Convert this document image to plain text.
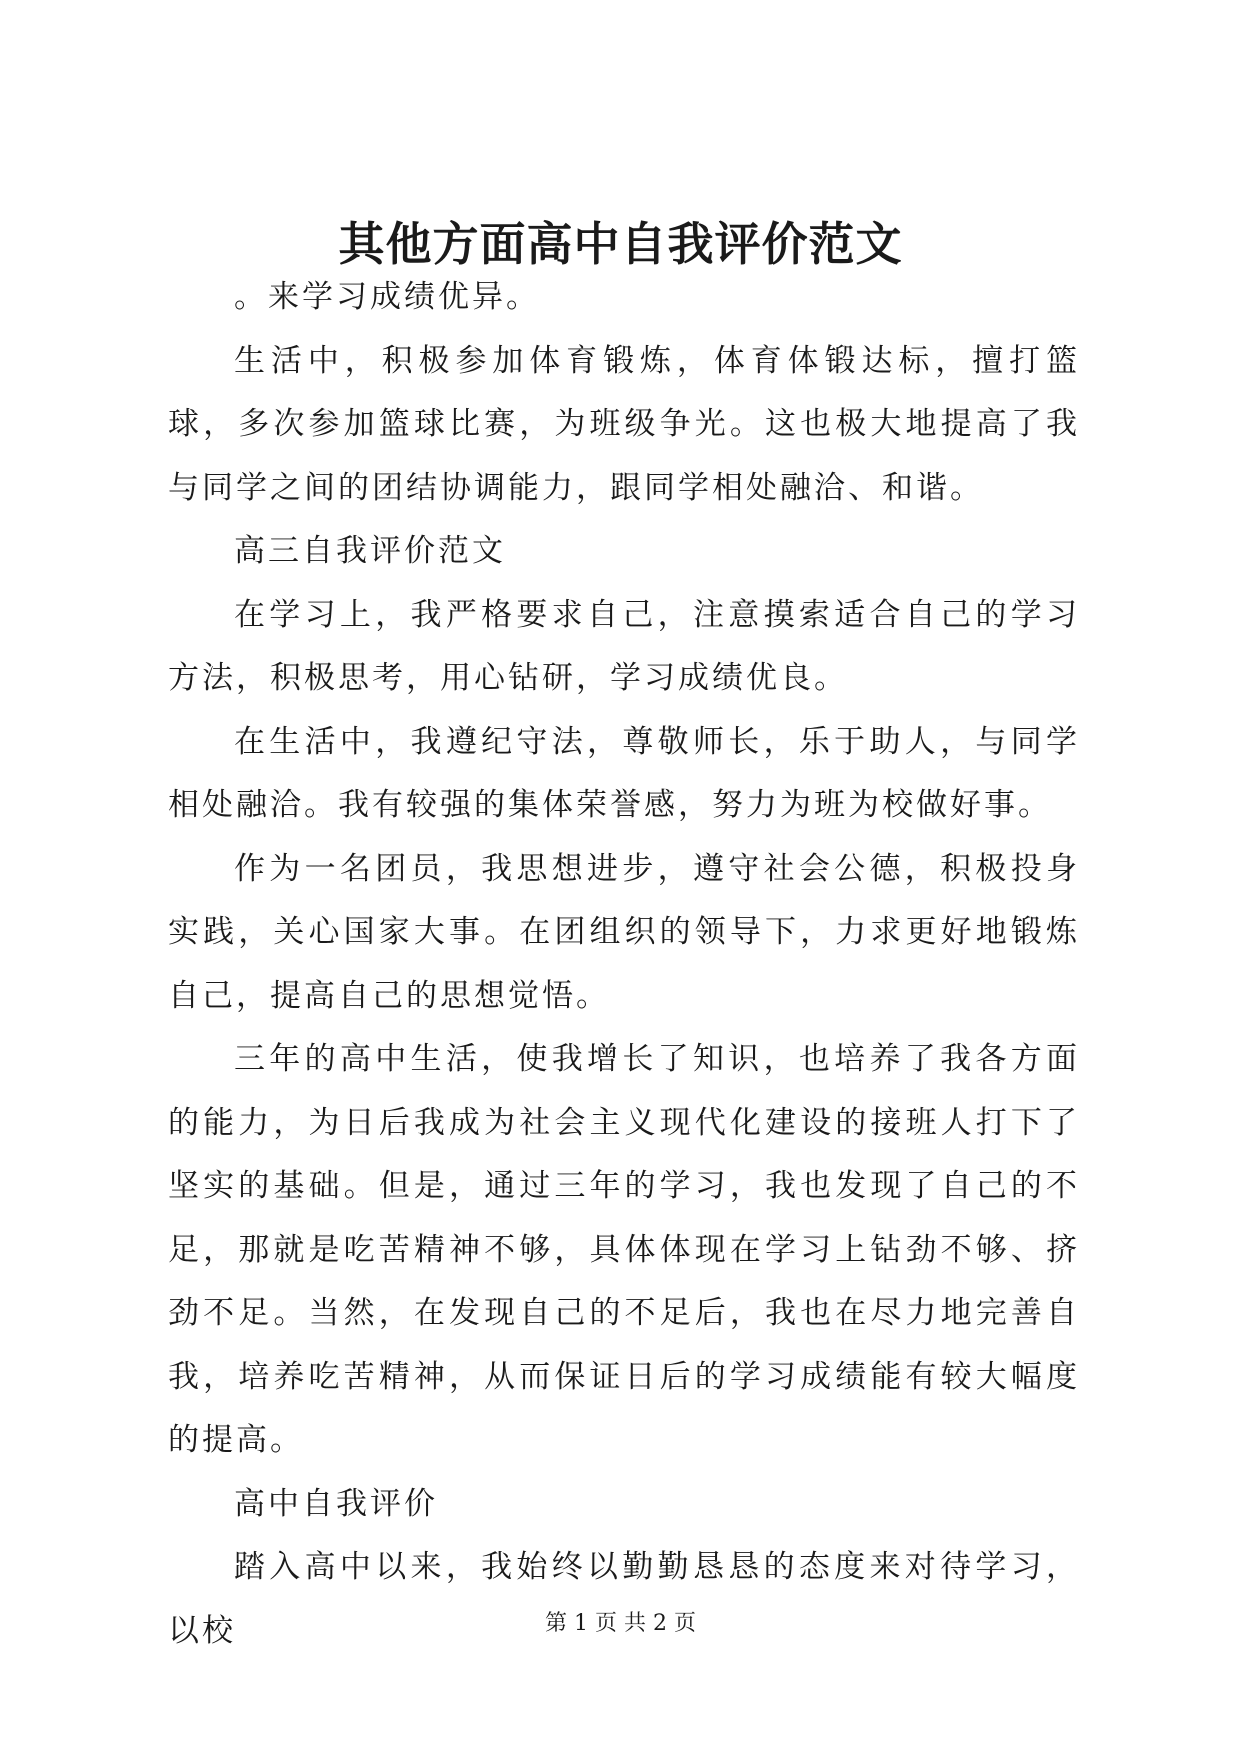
其他方面高中自我评价范文

。来学习成绩优异。

生活中，积极参加体育锻炼，体育体锻达标，擅打篮球，多次参加篮球比赛，为班级争光。这也极大地提高了我与同学之间的团结协调能力，跟同学相处融洽、和谐。

高三自我评价范文

在学习上，我严格要求自己，注意摸索适合自己的学习方法，积极思考，用心钻研，学习成绩优良。

在生活中，我遵纪守法，尊敬师长，乐于助人，与同学相处融洽。我有较强的集体荣誉感，努力为班为校做好事。

作为一名团员，我思想进步，遵守社会公德，积极投身实践，关心国家大事。在团组织的领导下，力求更好地锻炼自己，提高自己的思想觉悟。

三年的高中生活，使我增长了知识，也培养了我各方面的能力，为日后我成为社会主义现代化建设的接班人打下了坚实的基础。但是，通过三年的学习，我也发现了自己的不足，那就是吃苦精神不够，具体体现在学习上钻劲不够、挤劲不足。当然，在发现自己的不足后，我也在尽力地完善自我，培养吃苦精神，从而保证日后的学习成绩能有较大幅度的提高。

高中自我评价

踏入高中以来，我始终以勤勤恳恳的态度来对待学习，以校	第 1 页 共 2 页
